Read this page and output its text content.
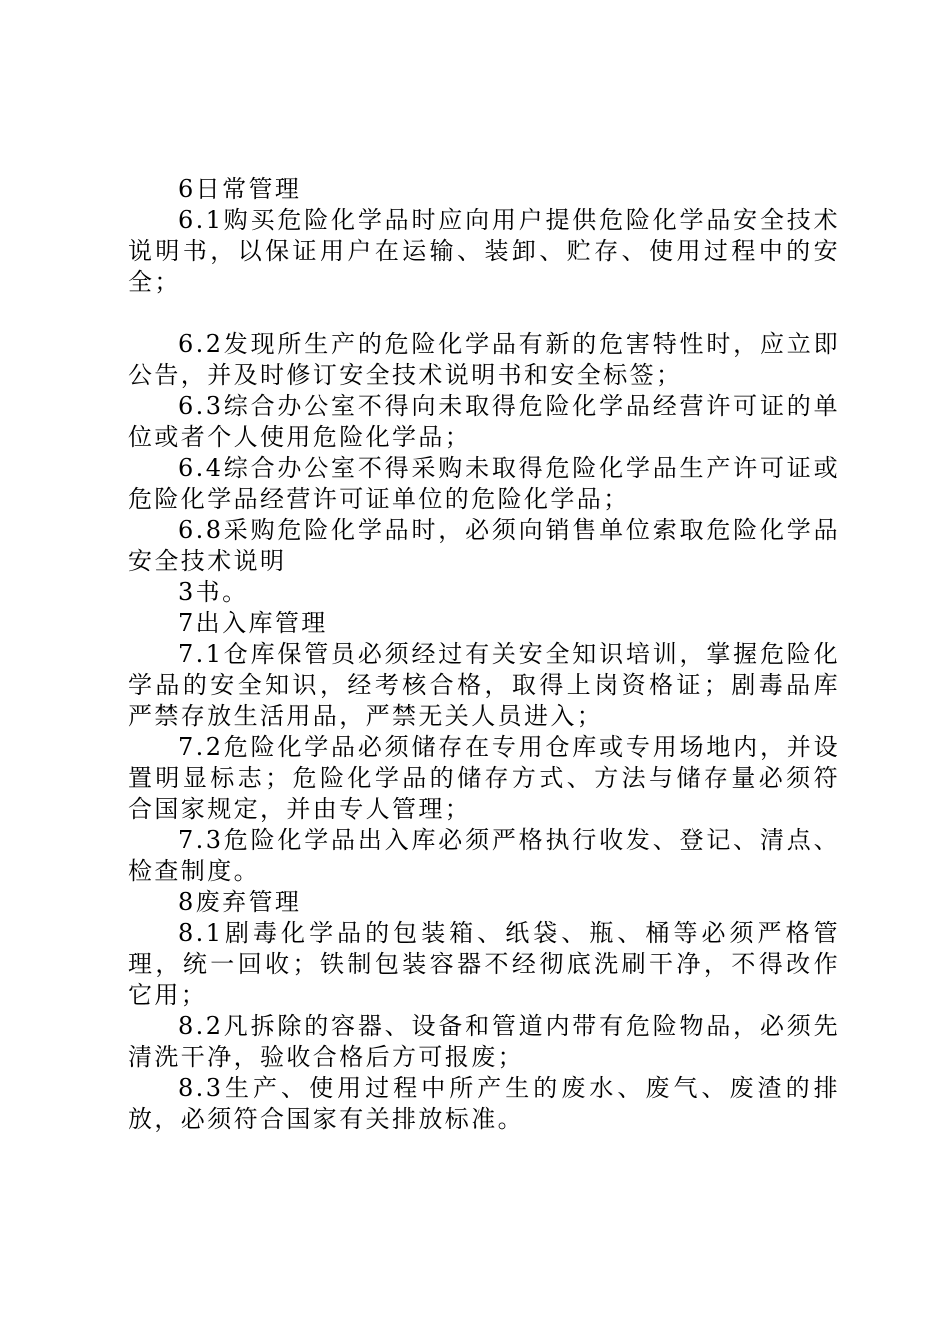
6日常管理

6.1购买危险化学品时应向用户提供危险化学品安全技术说明书，以保证用户在运输、装卸、贮存、使用过程中的安全；

6.2发现所生产的危险化学品有新的危害特性时，应立即公告，并及时修订安全技术说明书和安全标签；

6.3综合办公室不得向未取得危险化学品经营许可证的单位或者个人使用危险化学品；

6.4综合办公室不得采购未取得危险化学品生产许可证或危险化学品经营许可证单位的危险化学品；

6.8采购危险化学品时，必须向销售单位索取危险化学品安全技术说明

3书。

7出入库管理

7.1仓库保管员必须经过有关安全知识培训，掌握危险化学品的安全知识，经考核合格，取得上岗资格证；剧毒品库严禁存放生活用品，严禁无关人员进入；

7.2危险化学品必须储存在专用仓库或专用场地内，并设置明显标志；危险化学品的储存方式、方法与储存量必须符合国家规定，并由专人管理；

7.3危险化学品出入库必须严格执行收发、登记、清点、检查制度。

8废弃管理

8.1剧毒化学品的包装箱、纸袋、瓶、桶等必须严格管理，统一回收；铁制包装容器不经彻底洗刷干净，不得改作它用；

8.2凡拆除的容器、设备和管道内带有危险物品，必须先清洗干净，验收合格后方可报废；

8.3生产、使用过程中所产生的废水、废气、废渣的排放，必须符合国家有关排放标准。
